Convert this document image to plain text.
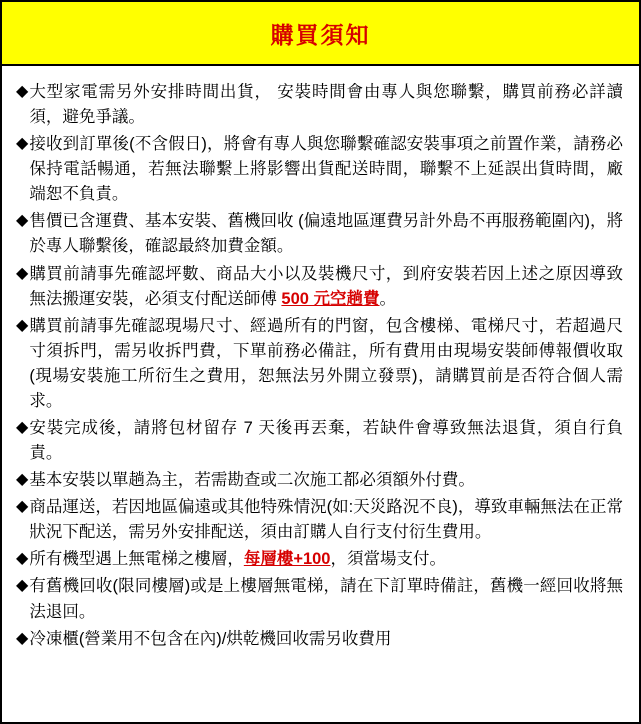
購買須知
◆ 大型家電需另外安排時間出貨， 安裝時間會由專人與您聯繫，購買前務必詳讀須，避免爭議。
◆ 接收到訂單後(不含假日)，將會有專人與您聯繫確認安裝事項之前置作業，請務必保持電話暢通，若無法聯繫上將影響出貨配送時間，聯繫不上延誤出貨時間，廠端恕不負責。
◆ 售價已含運費、基本安裝、舊機回收 (偏遠地區運費另計外島不再服務範圍內)，將於專人聯繫後，確認最終加費金額。
◆ 購買前請事先確認坪數、商品大小以及裝機尺寸，到府安裝若因上述之原因導致無法搬運安裝，必須支付配送師傅 500 元空趟費。
◆ 購買前請事先確認現場尺寸、經過所有的門窗，包含樓梯、電梯尺寸，若超過尺寸須拆門，需另收拆門費，下單前務必備註，所有費用由現場安裝師傅報價收取(現場安裝施工所衍生之費用，恕無法另外開立發票)，請購買前是否符合個人需求。
◆ 安裝完成後，請將包材留存 7 天後再丟棄，若缺件會導致無法退貨，須自行負責。
◆ 基本安裝以單趟為主，若需勘查或二次施工都必須額外付費。
◆ 商品運送，若因地區偏遠或其他特殊情況(如:天災路況不良)，導致車輛無法在正常狀況下配送，需另外安排配送，須由訂購人自行支付衍生費用。
◆ 所有機型遇上無電梯之樓層，每層樓+100，須當場支付。
◆ 有舊機回收(限同樓層)或是上樓層無電梯，請在下訂單時備註，舊機一經回收將無法退回。
◆ 冷凍櫃(營業用不包含在內)/烘乾機回收需另收費用
